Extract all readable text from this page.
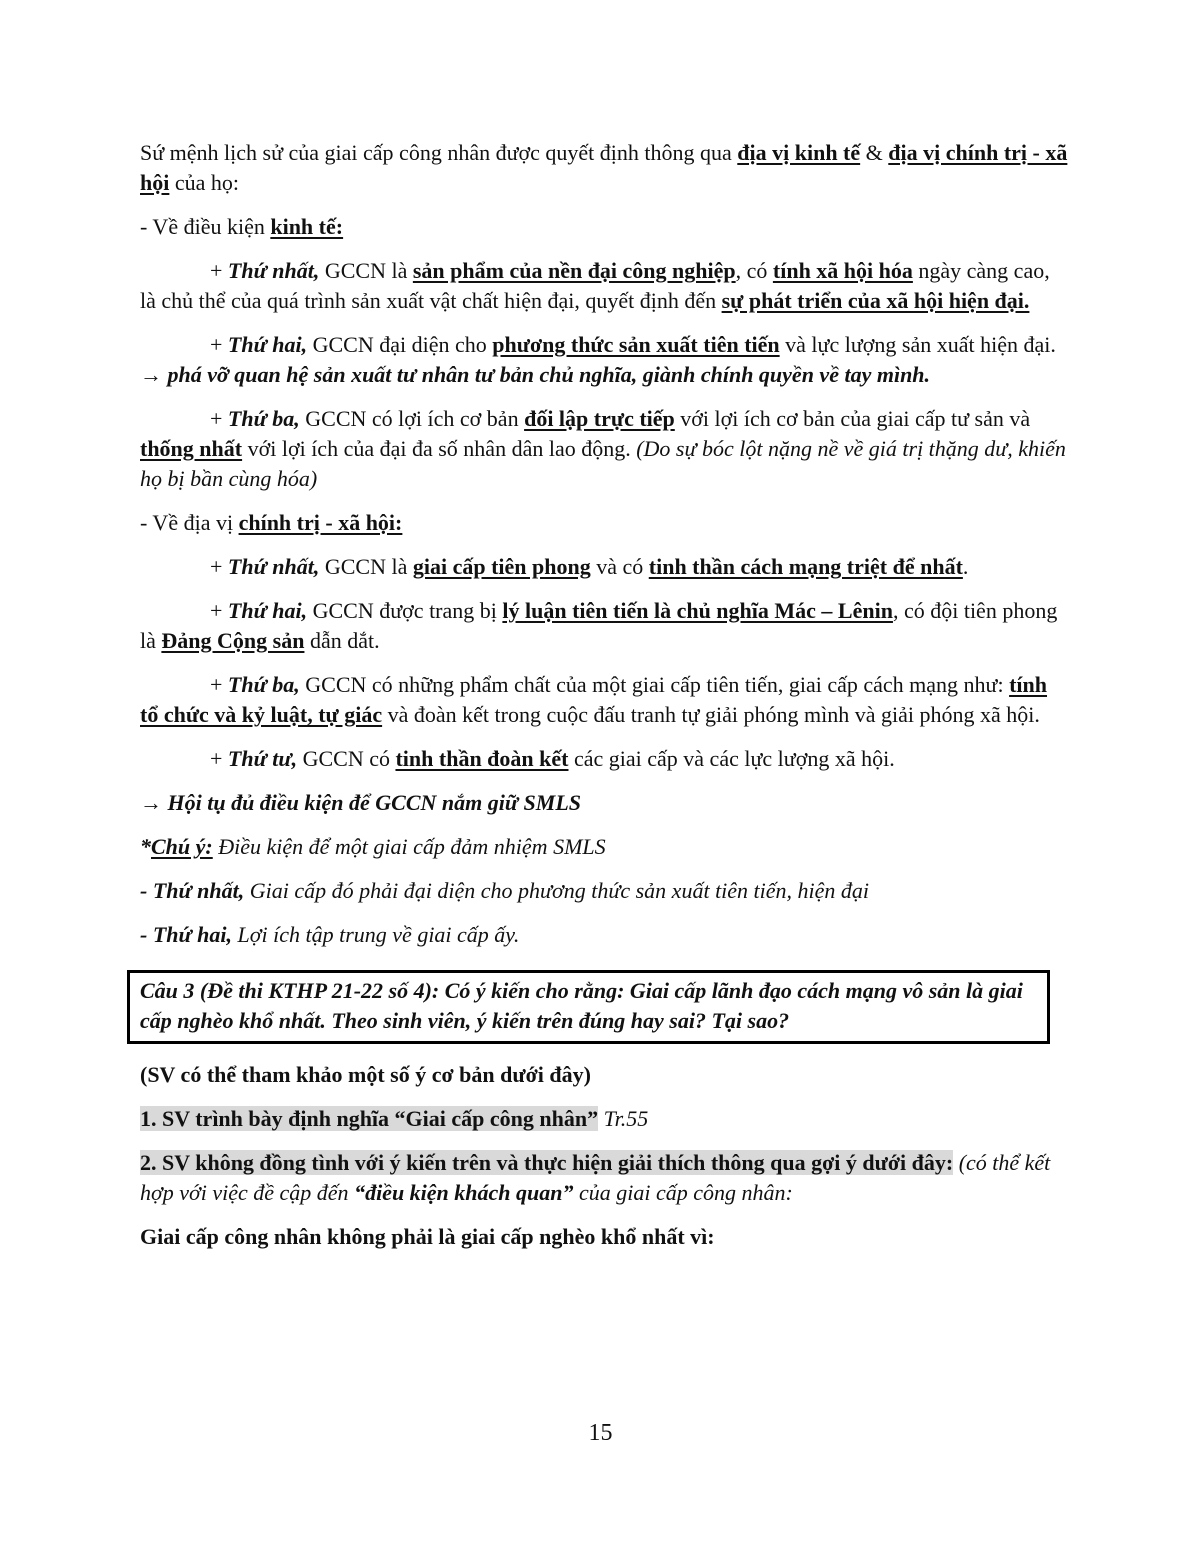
Sứ mệnh lịch sử của giai cấp công nhân được quyết định thông qua địa vị kinh tế & địa vị chính trị - xã hội của họ:

- Về điều kiện kinh tế:

+ Thứ nhất, GCCN là sản phẩm của nền đại công nghiệp, có tính xã hội hóa ngày càng cao, là chủ thể của quá trình sản xuất vật chất hiện đại, quyết định đến sự phát triển của xã hội hiện đại.

+ Thứ hai, GCCN đại diện cho phương thức sản xuất tiên tiến và lực lượng sản xuất hiện đại. → phá vỡ quan hệ sản xuất tư nhân tư bản chủ nghĩa, giành chính quyền về tay mình.

+ Thứ ba, GCCN có lợi ích cơ bản đối lập trực tiếp với lợi ích cơ bản của giai cấp tư sản và thống nhất với lợi ích của đại đa số nhân dân lao động. (Do sự bóc lột nặng nề về giá trị thặng dư, khiến họ bị bần cùng hóa)

- Về địa vị chính trị - xã hội:

+ Thứ nhất, GCCN là giai cấp tiên phong và có tinh thần cách mạng triệt để nhất.

+ Thứ hai, GCCN được trang bị lý luận tiên tiến là chủ nghĩa Mác – Lênin, có đội tiên phong là Đảng Cộng sản dẫn dắt.

+ Thứ ba, GCCN có những phẩm chất của một giai cấp tiên tiến, giai cấp cách mạng như: tính tổ chức và kỷ luật, tự giác và đoàn kết trong cuộc đấu tranh tự giải phóng mình và giải phóng xã hội.

+ Thứ tư, GCCN có tinh thần đoàn kết các giai cấp và các lực lượng xã hội.

→ Hội tụ đủ điều kiện để GCCN nắm giữ SMLS

*Chú ý: Điều kiện để một giai cấp đảm nhiệm SMLS

- Thứ nhất, Giai cấp đó phải đại diện cho phương thức sản xuất tiên tiến, hiện đại

- Thứ hai, Lợi ích tập trung về giai cấp ấy.

Câu 3 (Đề thi KTHP 21-22 số 4): Có ý kiến cho rằng: Giai cấp lãnh đạo cách mạng vô sản là giai cấp nghèo khổ nhất. Theo sinh viên, ý kiến trên đúng hay sai? Tại sao?

(SV có thể tham khảo một số ý cơ bản dưới đây)

1. SV trình bày định nghĩa “Giai cấp công nhân” Tr.55

2. SV không đồng tình với ý kiến trên và thực hiện giải thích thông qua gợi ý dưới đây: (có thể kết hợp với việc đề cập đến “điều kiện khách quan” của giai cấp công nhân:

Giai cấp công nhân không phải là giai cấp nghèo khổ nhất vì:

15
